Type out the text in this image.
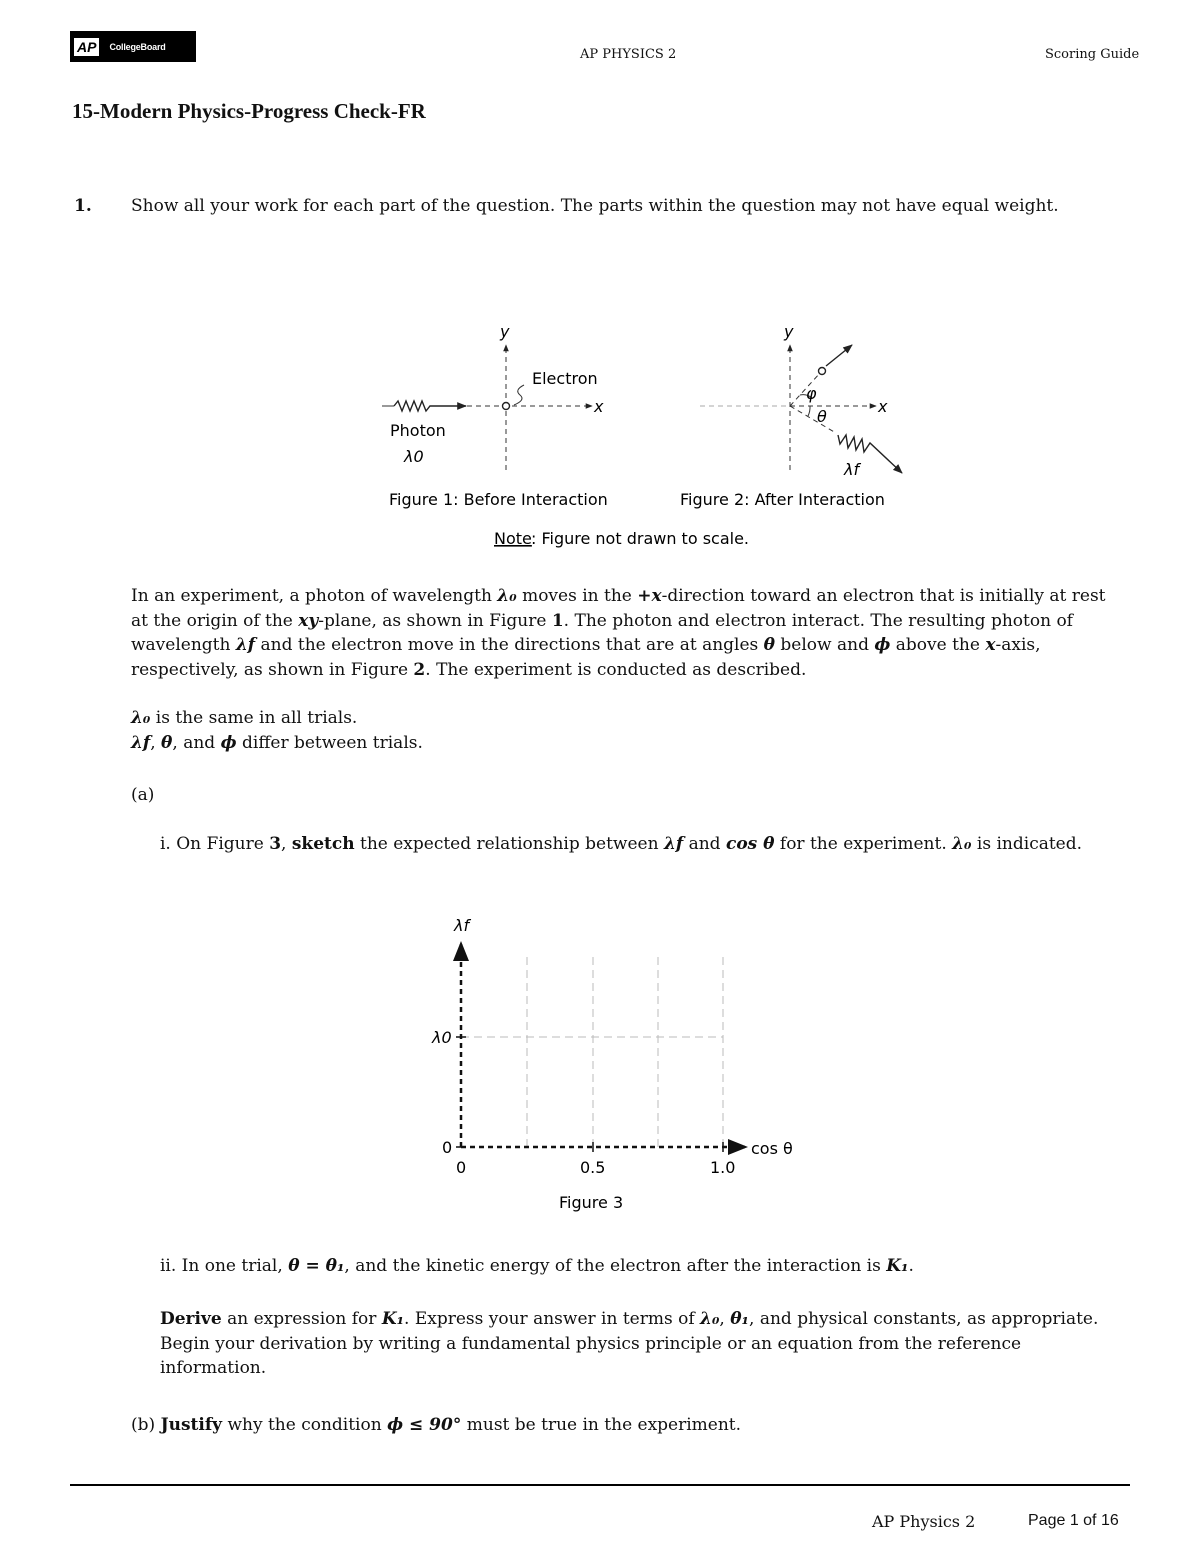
AP	CollegeBoard
AP PHYSICS 2	Scoring Guide
15-Modern Physics-Progress Check-FR
1. Show all your work for each part of the question. The parts within the question may not have equal weight.
y
x
Electron
Photon
λ0
Figure 1: Before Interaction
y
x
φ
θ
λf
Figure 2: After Interaction
Note : Figure not drawn to scale.
In an experiment, a photon of wavelength λ₀ moves in the +x-direction toward an electron that is initially at rest
at the origin of the xy-plane, as shown in Figure 1. The photon and electron interact. The resulting photon of
wavelength λf and the electron move in the directions that are at angles θ below and ϕ above the x-axis,
respectively, as shown in Figure 2. The experiment is conducted as described.
λ₀ is the same in all trials.
λf, θ, and ϕ differ between trials.
(a)
i. On Figure 3, sketch the expected relationship between λf and cos θ for the experiment. λ₀ is indicated.
λf
λ0
0
0	0.5	1.0
cos θ
Figure 3
ii. In one trial, θ = θ₁, and the kinetic energy of the electron after the interaction is K₁.
Derive an expression for K₁. Express your answer in terms of λ₀, θ₁, and physical constants, as appropriate.
Begin your derivation by writing a fundamental physics principle or an equation from the reference
information.
(b) Justify why the condition ϕ ≤ 90° must be true in the experiment.
AP Physics 2	Page 1 of 16
